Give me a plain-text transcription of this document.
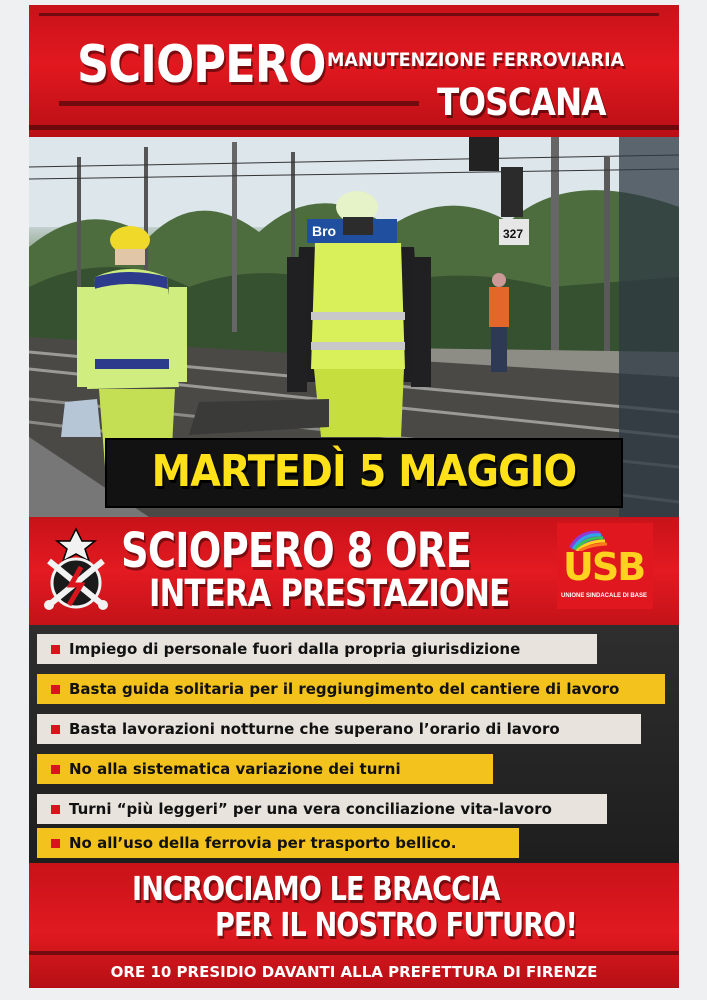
SCIOPERO MANUTENZIONE FERROVIARIA
TOSCANA
327
Bro
MARTEDÌ 5 MAGGIO
SCIOPERO 8 ORE
INTERA PRESTAZIONE
USB
UNIONE SINDACALE DI BASE
Impiego di personale fuori dalla propria giurisdizione
Basta guida solitaria per il reggiungimento del cantiere di lavoro
Basta lavorazioni notturne che superano l’orario di lavoro
No alla sistematica variazione dei turni
Turni “più leggeri” per una vera conciliazione vita-lavoro
No all’uso della ferrovia per trasporto bellico.
INCROCIAMO LE BRACCIA
PER IL NOSTRO FUTURO!
ORE 10 PRESIDIO DAVANTI ALLA PREFETTURA DI FIRENZE
